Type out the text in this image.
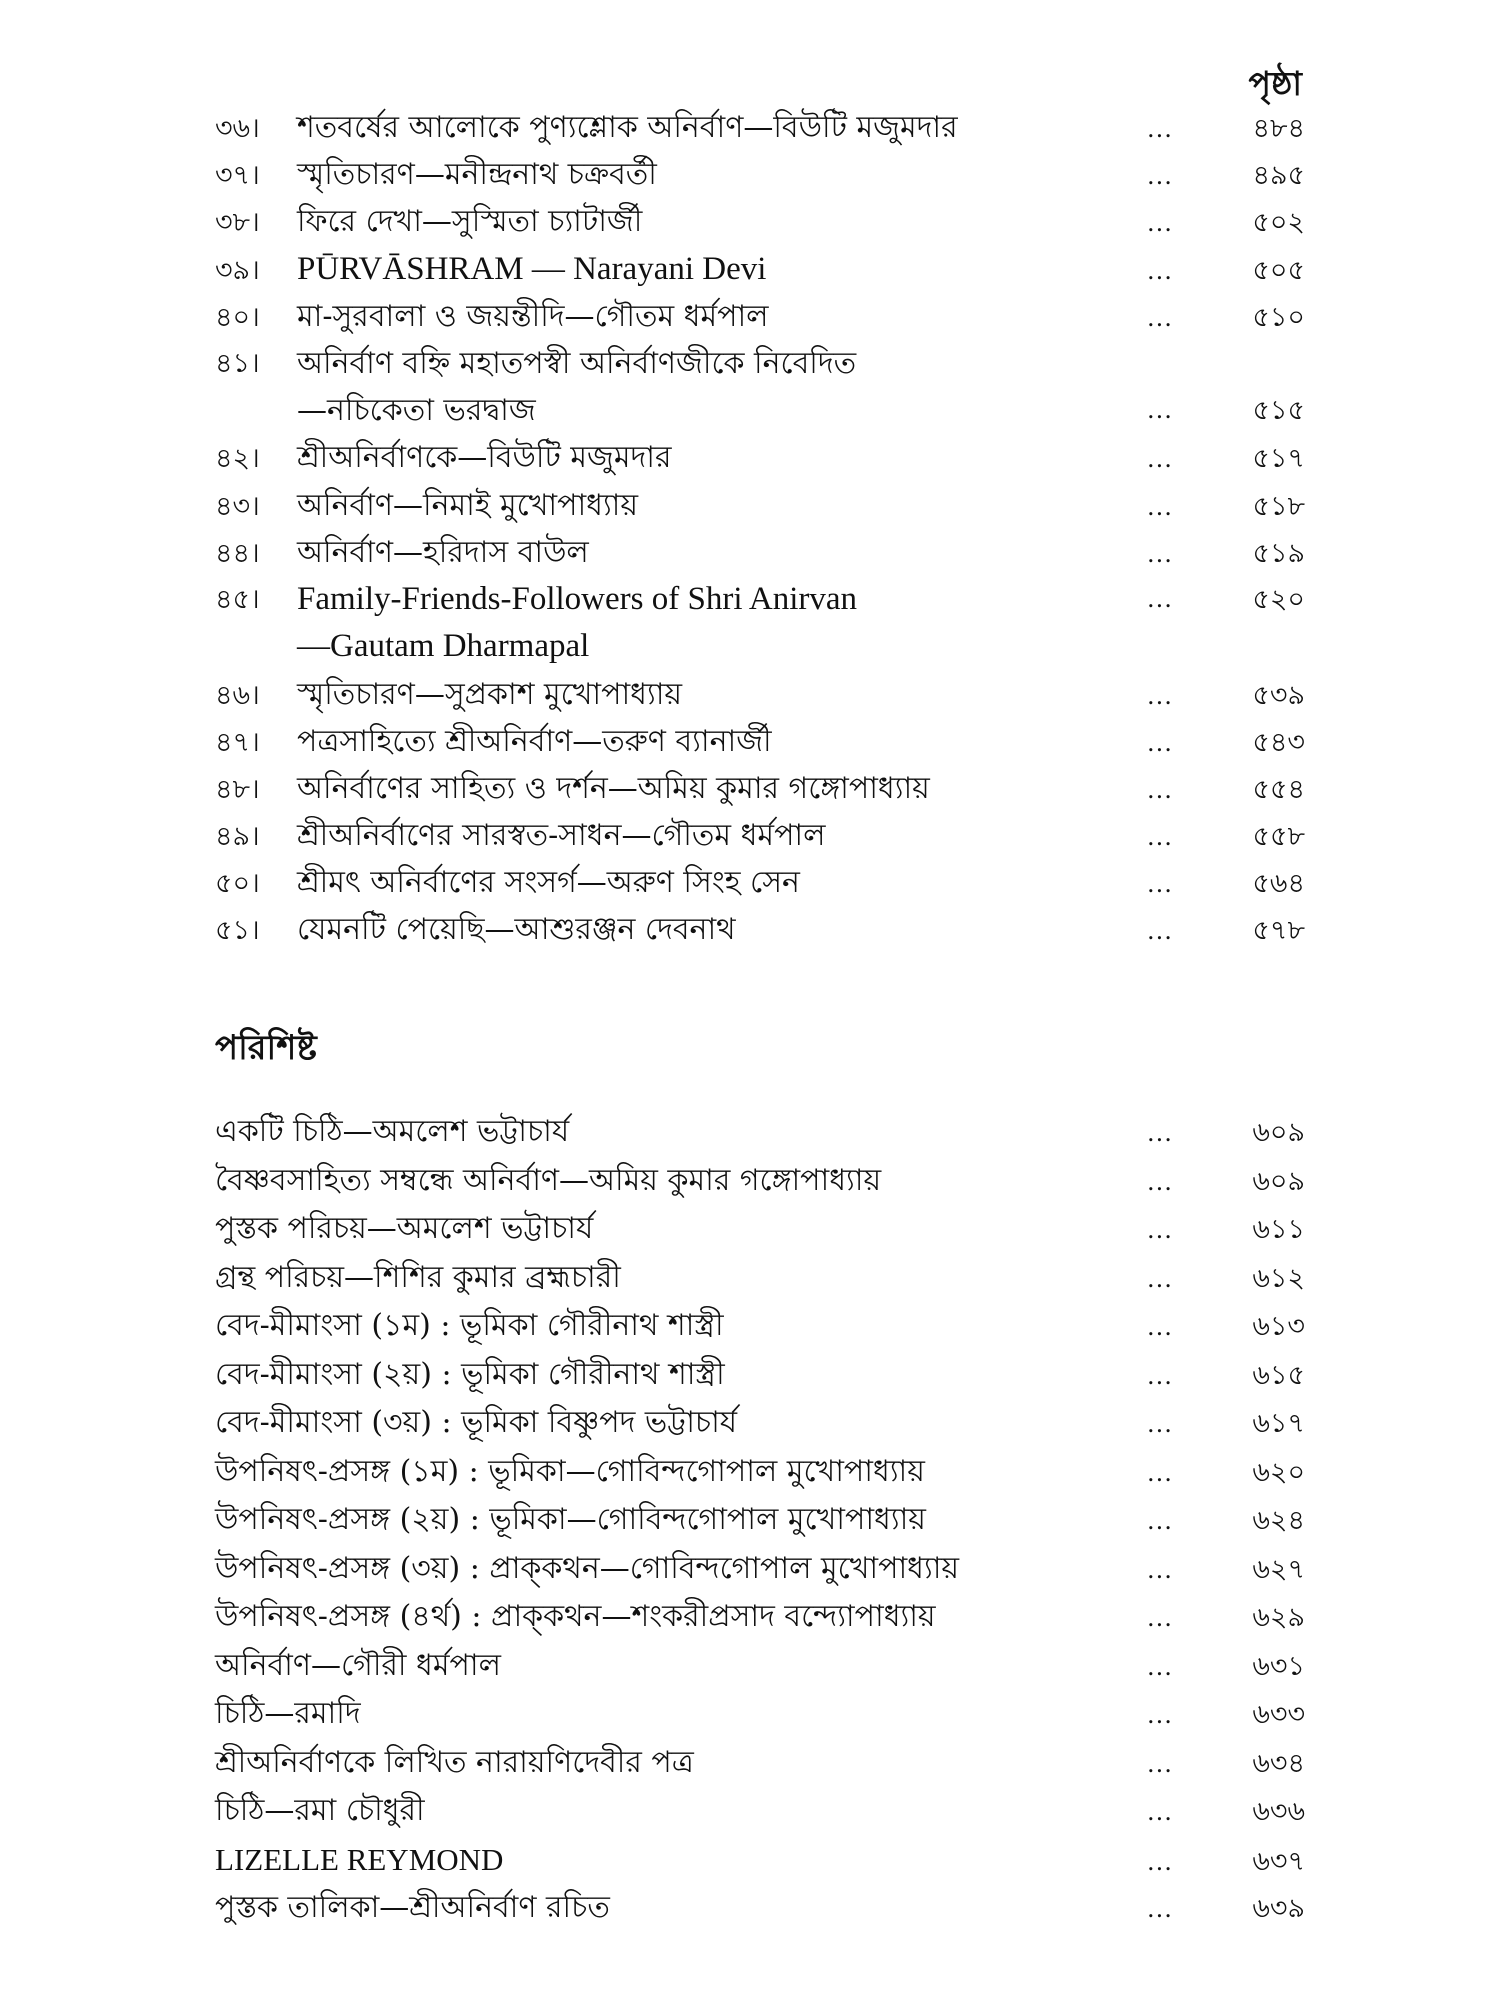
পৃষ্ঠা
৩৬।	শতবর্ষের আলোকে পুণ্যশ্লোক অনির্বাণ—বিউটি মজুমদার	...	৪৮৪
৩৭।	স্মৃতিচারণ—মনীন্দ্রনাথ চক্রবর্তী	...	৪৯৫
৩৮।	ফিরে দেখা—সুস্মিতা চ্যাটার্জী	...	৫০২
৩৯।	PŪRVĀSHRAM — Narayani Devi	...	৫০৫
৪০।	মা-সুরবালা ও জয়ন্তীদি—গৌতম ধর্মপাল	...	৫১০
৪১।	অনির্বাণ বহ্নি মহাতপস্বী অনির্বাণজীকে নিবেদিত
—নচিকেতা ভরদ্বাজ	...	৫১৫
৪২।	শ্রীঅনির্বাণকে—বিউটি মজুমদার	...	৫১৭
৪৩।	অনির্বাণ—নিমাই মুখোপাধ্যায়	...	৫১৮
৪৪।	অনির্বাণ—হরিদাস বাউল	...	৫১৯
৪৫।	Family-Friends-Followers of Shri Anirvan
—Gautam Dharmapal
...	৫২০
৪৬।	স্মৃতিচারণ—সুপ্রকাশ মুখোপাধ্যায়	...	৫৩৯
৪৭।	পত্রসাহিত্যে শ্রীঅনির্বাণ—তরুণ ব্যানার্জী	...	৫৪৩
৪৮।	অনির্বাণের সাহিত্য ও দর্শন—অমিয় কুমার গঙ্গোপাধ্যায়	...	৫৫৪
৪৯।	শ্রীঅনির্বাণের সারস্বত-সাধন—গৌতম ধর্মপাল	...	৫৫৮
৫০।	শ্রীমৎ অনির্বাণের সংসর্গ—অরুণ সিংহ সেন	...	৫৬৪
৫১।	যেমনটি পেয়েছি—আশুরঞ্জন দেবনাথ	...	৫৭৮
পরিশিষ্ট
একটি চিঠি—অমলেশ ভট্টাচার্য	...	৬০৯
বৈষ্ণবসাহিত্য সম্বন্ধে অনির্বাণ—অমিয় কুমার গঙ্গোপাধ্যায়	...	৬০৯
পুস্তক পরিচয়—অমলেশ ভট্টাচার্য	...	৬১১
গ্রন্থ পরিচয়—শিশির কুমার ব্রহ্মচারী	...	৬১২
বেদ-মীমাংসা (১ম) : ভূমিকা গৌরীনাথ শাস্ত্রী	...	৬১৩
বেদ-মীমাংসা (২য়) : ভূমিকা গৌরীনাথ শাস্ত্রী	...	৬১৫
বেদ-মীমাংসা (৩য়) : ভূমিকা বিষ্ণুপদ ভট্টাচার্য	...	৬১৭
উপনিষৎ-প্রসঙ্গ (১ম) : ভূমিকা—গোবিন্দগোপাল মুখোপাধ্যায়	...	৬২০
উপনিষৎ-প্রসঙ্গ (২য়) : ভূমিকা—গোবিন্দগোপাল মুখোপাধ্যায়	...	৬২৪
উপনিষৎ-প্রসঙ্গ (৩য়) : প্রাক্‌কথন—গোবিন্দগোপাল মুখোপাধ্যায়	...	৬২৭
উপনিষৎ-প্রসঙ্গ (৪র্থ) : প্রাক্‌কথন—শংকরীপ্রসাদ বন্দ্যোপাধ্যায়	...	৬২৯
অনির্বাণ—গৌরী ধর্মপাল	...	৬৩১
চিঠি—রমাদি	...	৬৩৩
শ্রীঅনির্বাণকে লিখিত নারায়ণিদেবীর পত্র	...	৬৩৪
চিঠি—রমা চৌধুরী	...	৬৩৬
LIZELLE REYMOND	...	৬৩৭
পুস্তক তালিকা—শ্রীঅনির্বাণ রচিত	...	৬৩৯
